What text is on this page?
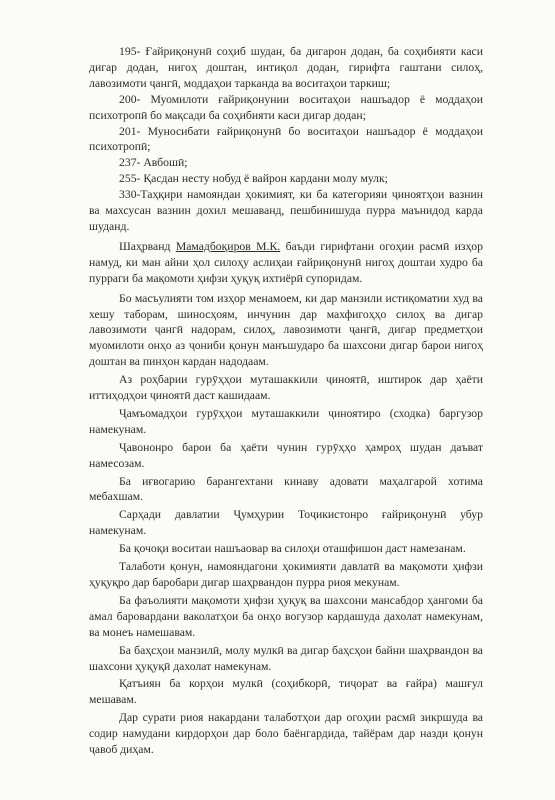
195- Ғайриқонунӣ соҳиб шудан, ба дигарон додан, ба соҳибияти каси дигар додан, нигоҳ доштан, интиқол додан, гирифта гаштани силоҳ, лавозимоти ҷангӣ, моддаҳои тарканда ва воситаҳои таркиш;

200- Муомилоти ғайриқонунии воситаҳои нашъадор ё моддаҳои психотропӣ бо мақсади ба соҳибияти каси дигар додан;

201- Муносибати ғайриқонунӣ бо воситаҳои нашъадор ё моддаҳои психотропӣ;

237- Авбошӣ;

255- Қасдан несту нобуд ё вайрон кардани молу мулк;

330-Таҳқири намояндаи ҳокимият, ки ба категорияи ҷиноятҳои вазнин ва махсусан вазнин дохил мешаванд, пешбинишуда пурра маънидод карда шуданд.

Шаҳрванд Мамадбоқиров М.К. баъди гирифтани огоҳии расмӣ изҳор намуд, ки ман айни ҳол силоҳу аслиҳаи ғайриқонунӣ нигоҳ доштаи худро ба пурраги ба мақомоти ҳифзи ҳуқуқ ихтиёрӣ супоридам.

Бо масъулияти том изҳор менамоем, ки дар манзили истиқоматии худ ва хешу таборам, шиносҳоям, инчунин дар махфигоҳҳо силоҳ ва дигар лавозимоти ҷангӣ надорам, силоҳ, лавозимоти ҷангӣ, дигар предметҳои муомилоти онҳо аз ҷониби қонун манъшударо ба шахсони дигар барои нигоҳ доштан ва пинҳон кардан надодаам.

Аз роҳбарии гурӯҳҳои муташаккили ҷиноятӣ, иштирок дар ҳаёти иттиҳодҳои ҷиноятӣ даст кашидаам.

Ҷамъомадҳои гурӯҳҳои муташаккили ҷиноятиро (сходка) баргузор намекунам.

Ҷавононро барои ба ҳаёти чунин гурӯҳҳо ҳамроҳ шудан даъват намесозам.

Ба иғвогарию барангехтани кинаву адовати маҳалгарой хотима мебахшам.

Сарҳади давлатии Ҷумҳурии Тоҷикистонро ғайриқонунӣ убур намекунам.

Ба қочоқи воситаи нашъаовар ва силоҳи оташфишон даст намезанам.

Талаботи қонун, намояндагони ҳокимияти давлатӣ ва мақомоти ҳифзи ҳуқуқро дар баробари дигар шаҳрвандон пурра риоя мекунам.

Ба фаъолияти мақомоти ҳифзи ҳуқуқ ва шахсони мансабдор ҳангоми ба амал баровардани ваколатҳои ба онҳо вогузор кардашуда дахолат намекунам, ва монеъ намешавам.

Ба баҳсҳои манзилӣ, молу мулкӣ ва дигар баҳсҳои байни шаҳрвандон ва шахсони ҳуқуқӣ дахолат намекунам.

Қатъиян ба корҳои мулкӣ (соҳибкорӣ, тиҷорат ва ғайра) машғул мешавам.

Дар сурати риоя накардани талаботҳои дар огоҳии расмӣ зикршуда ва содир намудани кирдорҳои дар боло баёнгардида, тайёрам дар назди қонун ҷавоб диҳам.
